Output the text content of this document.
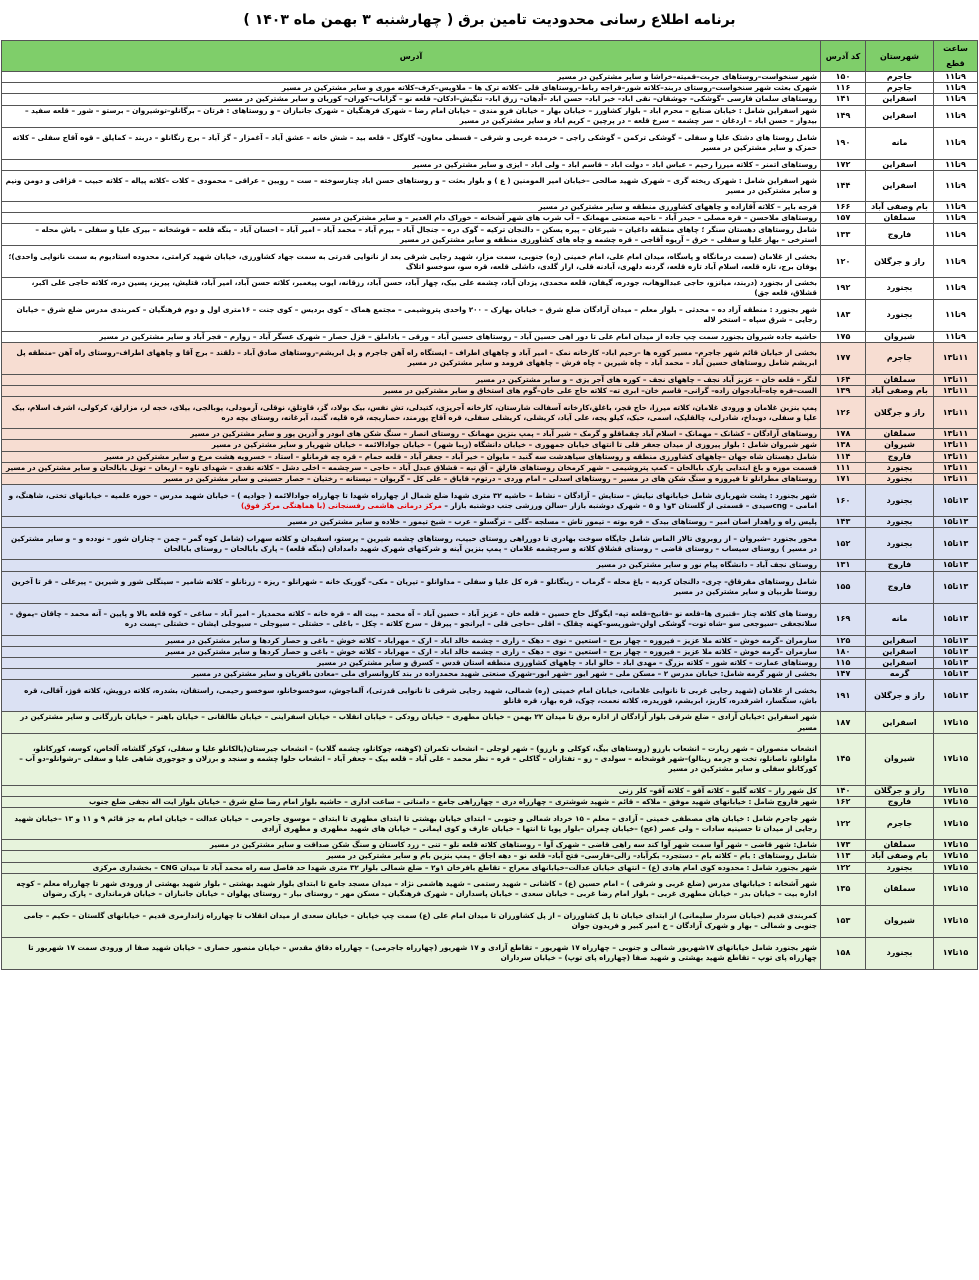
برنامه اطلاع رسانی محدودیت تامین برق ( چهارشنبه ۳ بهمن ماه ۱۴۰۳ )
ساعت قطع	شهرستان	کد آدرس	آدرس
۹تا۱۱	جاجرم	۱۵۰	شهر سنخواست–روستاهای جربت–قمیته–خراشا و سایر مشترکین در مسیر
۹تا۱۱	جاجرم	۱۱۶	شهرک بعثت شهر سنخواست–روستای دربند–کلاته شور–قراجه رباط–روستاهای قلی –کلاته ترک ها – ملاویس–کرف–کلاته موری و سایر مشترکین در مسیر
۹تا۱۱	اسفراین	۱۴۱	روستاهای سلمان فارسی –گوشکی– جوشقان– نقی اباد– خیر اباد– حسن اباد –آدهان– زرق اباد– تنگیش–ادکان– قلعه نو – گزاباب–کوران– کوریان و سایر مشترکین در مسیر
۹تا۱۱	اسفراین	۱۴۹	شهر اسفراین شامل : خیابان صنایع – محرم اباد – بلوار کشاورز – خیابان بهار – خیابان فرو مندی – خیابان امام رضا – شهرک فرهنگیان – شهرک جانبازان – و روستاهای : فرتان – برگانلو–توشیروان – برستو – شور – قلعه سفید – بیدواز – حسن اباد – اردغان – سر چشمه – سرخ قلعه – در پرچین – کریم اباد و سایر مشترکین در مسیر
۹تا۱۱	مانه	۱۹۰	شامل روستا های دشتک علیا و سفلی – گوشکی ترکمن – گوشکی راجی – خرمده غربی و شرقی – قسطی معاون– گاوگل – قلعه بید – شش خانه – عشق آباد – آغمزار – گز آباد – برج زنگانلو – دربند – کمایلق – قوه آقاج سفلی – کلاته حمزک و سایر مشترکین در مسیر
۹تا۱۱	اسفراین	۱۷۲	روستاهای اتمنر – کلاته میرزا رحیم – عباس اباد – دولت اباد – قاسم اباد – ولی اباد – ایزی و سایر مشترکین در مسیر
۹تا۱۱	اسفراین	۱۴۴	شهر اسفراین شامل : شهرک ریخته گری – شهرک شهید صالحی –خیابان امیر المومنین ( ع ) و بلوار بعثت – و روستاهای حسن اباد چنارسوخته – ست – رویین – عراقی – محمودی – کلات –کلاته پیاله – کلاته حبیب – قزاقی و دومن ونیم و سایر مشترکین در مسیر
۹تا۱۱	بام وصفی آباد	۱۶۶	قرجه بایر – کلاته آقازاده و چاههای کشاورزی منطقه و سایر مشترکین در مسیر
۹تا۱۱	سملقان	۱۵۷	روستاهای ملاحسن – قره مصلی – حیدر آباد – ناحیه صنعتی مهمانک – آب شرب های شهر آشخانه – خوراک دام الغدیر – و سایر مشترکین در مسیر
۹تا۱۱	فاروج	۱۳۳	شامل روستاهای دهستان سنگر ؛ چاهای منطقه داغیان – شیرغان – پیره یسکن – دالنجان ترکیه – گوک دره – جنجال آباد – بیرم آباد – محمد آباد – امیر آباد – احسان آباد – بنگه قلعه – قوشخانه – بیرک علیا و سفلی – باش محله – استرخی – بهار علیا و سفلی – خرق – آریوه آقاجی – قره چشمه و چاه های کشاورزی منطقه و سایر مشترکین در مسیر
۹تا۱۱	راز و جرگلان	۱۲۰	بخشی از غلامان (سمت درمانگاه و پاسگاه، میدان امام علی، امام خمینی (ره) جنوبی، سمت مزار، شهید رجایی شرقی بعد از نانوایی قدرتی به سمت جهاد کشاورزی، خیابان شهید کرامتی، محدوده استادیوم به سمت نانوایی واحدی)؛ یوفان برج، تازه قلعه، اسلام آباد تازه قلعه، گردنه دلهری، آبادنه قلی، اراز گلدی، داشلی قلعه، قره سو، سوخسو اتلاگ
۹تا۱۱	بجنورد	۱۹۲	بخشی از بجنورد (دربند، میانزو، حاجی عبدالوهاب، جودره، گیفان، قلعه محمدی، یزدان آباد، چشمه علی بیک، چهار آباد، حسن آباد، رزقانه، ایوب پیغمبر، کلاته حسن آباد، امیر آباد، قتلیش، پیریز، پسین دره، کلاته حاجی علی اکبر، قشلاق، قلعه جق)
۹تا۱۱	بجنورد	۱۸۳	شهر بجنورد : منطقه آزاد ده – محدثی – بلوار معلم – میدان آزادگان ضلع شرق – خیابان بهارک – ۲۰۰ واحدی پتروشیمی – مجتمع هماک – کوی بردیس – کوی جنت – ۱۶متری اول و دوم فرهنگیان – کمربندی مدرس ضلع شرق – خیابان رجایی – شرق سپاه – استخر لاله
۹تا۱۱	شیروان	۱۷۵	حاشیه جاده شیروان بجنورد سمت چپ جاده از میدان امام علی تا دور اهی حسین آباد – روستاهای حسین آباد – ورقی – باداملق – قزل حصار – شهرک عسگر آباد – زوارم – فجر آباد و سایر مشترکین در مسیر
۱۱تا۱۳	جاجرم	۱۷۷	بخشی از خیابان قائم شهر جاجرم– مسیر کوره ها –رحیم اباد– کارخانه نمک – امیر آباد و چاههای اطراف – ایستگاه راه آهن جاجرم و پل ابریشم–روستاهای صادق آباد – دلقند – برج آقا و چاههای اطراف–روستای راه آهن –منطقه پل ابریشم شامل روستاهای حسین آباد – محمد آباد – چاه شیرین – چاه فرش – چاههای فرومد و سایر مشترکین در مسیر
۱۱تا۱۳	سملقان	۱۶۴	لنگر – قلعه خان – عزیز آباد نجف – چاههای نجف – کوره های آجر یزی – و سایر مشترکین در مسیر
۱۱تا۱۳	بام وصفی آباد	۱۳۹	الست–قره چاه–آبادجوان زاده– گرانی– قاسم خان– ابری ته– کلاته حاج علی خان–گوم های استخاق و سایر مشترکین در مسیر
۱۱تا۱۳	راز و جرگلان	۱۲۶	پمپ بنزین غلامان و ورودی غلامان، کلاته میرزا، حاج قجر، باغلق،کارخانه آسفالت شارستان، کارخانه آجرپزی، کتیدلی، تش نفس، بیک بولاد، گز، قاوتلق، نوقلی، آرمودلی، یوبالجی، بیلای، خجه لر، مزارلق، کرکولی، اشرف اسلام، بیک علیا و سفلی، دوبداخ، شادرلی، چالقلیک، اسمی، حبک، کیلو یجه، علی آباد، کریشلی، کریشلی سفلی، قره آقاج پورمند، حصاریجه، قره قلیه، گنبد، آبرغانه، روستای بچه دره
۱۱تا۱۳	سملقان	۱۷۸	روستاهای آزادگان – کشانک – مهمانک – اسلام آباد چقماقلو و گرمک – شیر آباد – پمپ بنزین مهمانک – روستای انصار – سنگ شکن های ابودر و آذرین پور و سایر مشترکین در مسیر
۱۱تا۱۳	شیروان	۱۳۸	شهر شیروان شامل : بلوار پیروزی از میدان جعفر قلی تا انتهای خیابان جمهوری – خیابان دانشگاه (زیبا شهر) – خیابان جوادالائمه – خیابان شهریار و سایر مشترکین در مسیر
۱۱تا۱۳	فاروج	۱۱۴	شامل دهستان شاه جهان –چاههای کشاورزی منطقه و روستاهای سیاهدشت سه گنبد – مایوان – خیر آباد – جعفر آباد – قلعه حمام – قره چه فرمانلو – استاد – خسرویه هشت مرخ و سایر مشترکین در مسیر
۱۱تا۱۳	بجنورد	۱۱۱	قسمت موزه و باغ ابتدایی پارک بابالحان – کمپ پتروشیمی – شهر کرمخان روستاهای قارلق – آق تپه – قشلاق عبدل آباد – حاجی – سرچشمه – اخلی دشل – کلاته نقدی – شهدای ناوه – ازبغان – تونل بابالحان و سایر مشترکین در مسیر
۱۱تا۱۳	بجنورد	۱۷۱	روستاهای مطرانلو تا فیروزه و سنگ شکن های در مسیر – روستاهای اسدلی – امام وردی – درتوم– قایاق – علی کل – گریوان – نیستانه – رختیان – حصار حسینی و سایر مشترکین در مسیر
۱۳تا۱۵	بجنورد	۱۶۰	شهر بجنورد : پشت شهربازی شامل خیابانهای نیایش – ستایش – آزادگان – نشاط – حاشیه ۳۲ متری شهدا ضلع شمال از چهارراه شهدا تا چهارراه جوادالائمه ( جوادیه ) – خیابان شهید مدرس – حوزه علمیه – خیابانهای تختی، شاهنگ، و امامی – cngسیدی – قسمتی از گلستان ۳و۱ و ۵ – شهرک دوشنبه بازار –سالن ورزشی جنب دوشنبه بازار – مرکز درمانی هاشمی رفسنجانی (با هماهنگی مرکز فوق)
۱۳تا۱۵	بجنورد	۱۴۳	پلیس راه و راهدار اصان امیر – روستاهای بیدک – قره بوته – تیمور تاش – مسلجه –گلی – ترگسلو – عرب – شیخ تیمور – خلاده و سایر مشترکین در مسیر
۱۳تا۱۵	بجنورد	۱۵۲	محور بجنورد –شیروان – از روبروی تالار الماس شامل جایگاه سوخت بهادری تا دورراهی روستای حبیب، روستاهای چشمه شیرین – پرستو، اسفیدان و کلاته سهراب (شامل کوه گمر – چمن – چناران شور – نودده و – و سایر مشترکین در مسیر ) روستای سیساب – روستای قاضی – روستای قشلاق کلاته و سرچشمه غلامان – پمپ بنزین آینه و شرکتهای شهرک شهید دامدادان (بنگه قلعه) – پارک بابالحان – روستای بابالحان
۱۳تا۱۵	فاروج	۱۳۱	روستای نجف آباد – دانشگاه پیام نور و سایر مشترکین در مسیر
۱۳تا۱۵	فاروج	۱۵۵	شامل روستاهای مقرقاق– چری– دالنجان کردیه – باغ محله – گرماب – زینگانلو – قره کل علیا و سفلی – مداوانلو – تیریان – مکی– گوریک خانه – شهرانلو – ریزه – زرنانلو – کلاته شامیر – سینگلی شور و شیرین – پیرعلی – قر تا آخرین روستا طربیان و سایر مشترکین در مسیر
۱۳تا۱۵	مانه	۱۶۹	روستا های کلاته چناز –قنبری ها–قلعه نو –قانیخ–قلعه تپه– ایگوگل حاج حسین – قلعه خان – عزیز آباد – حسین آباد – آه محمد – بیت اله – قره خانه – کلاته محمدیار – امیر آباد – ساغی – کوه قلعه بالا و پایین – آنه محمد – چاقان –یموق – سلانجعقی –سیوجعی سو –شاه توت– گوشکی اولن–شوریسو–کهنه چقلک – اقلی –حاجی قلی – ایرانجو – پیرقل – سرخ کلاته – چکل – باغلی – حشتلی – سیوجلی – سیوجلی ایشان – خشتلی –پست دره
۱۳تا۱۵	اسفراین	۱۲۵	سارمران –گرمه خوش – کلاته ملا عزیز – فیروزه – چهار برج – استعین – نوی – دهک – زاری – چشمه خالد اباد – ارک – مهراباد – کلاته خوش – باغی و حصار کردها و سایر مشترکین در مسیر
۱۳تا۱۵	اسفراین	۱۸۰	سارمران –گرمه خوش – کلاته ملا عزیز – فیروزه – چهار برج – استعین – نوی – دهک – زاری – چشمه خالد اباد – ارک – مهراباد – کلاته خوش – باغی و حصار کردها و سایر مشترکین در مسیر
۱۳تا۱۵	اسفراین	۱۱۵	روستاهای عمارت – کلاته شور – کلاته بزرگ – مهدی اباد – خالو اباد – چاههای کشاورزی منطقه استان قدس – کسرق و سایر مشترکین در مسیر
۱۳تا۱۵	گرمه	۱۴۷	بخشی از شهر گرمه شامل: خیابان مدرس ۲ – مسکن ملی – شهر ایور –شهر ابور–شهرک صنعتی شهید محمدزاده در بند کاروانسرای ملی –معادن باقریان و سایر مشترکین در مسیر
۱۳تا۱۵	راز و جرگلان	۱۹۱	بخشی از غلامان (شهید رجایی غربی تا نانوایی غلامانی، خیابان امام خمینی (ره) شمالی، شهید رجایی شرقی تا نانوایی قدرتی)، آلماجوش، سوخسوخانلو، سوخسو رحیمی، راستقان، بشدره، کلاته درویش، کلاته قوژ، آقالی، قره باش، سنگسار، اشرفدره، کاریز، ابریشم، قوریدره، کلاته نعمت، چوک، قره بهار، قره قانلو
۱۵تا۱۷	اسفراین	۱۸۷	شهر اسفراین :خیابان آزادی – ضلع شرقی بلوار آزادگان از اداره برق تا میدان ۲۲ بهمن – خیابان مطهری – خیابان رودکی – خیابان انقلاب – خیابان اسفراینی – خیابان طالقانی – خیابان باهنر – خیابان بازرگانی و سایر مشترکین در مسیر
۱۵تا۱۷	شیروان	۱۴۵	انشعاب منصوران – شهر زیارت – انشعاب بارزو (روستاهای بیگ، کوکلی و بارزو) – شهر لوجلی – انشعاب تکمران (کوهنه، چوکانلو، چشمه گلاب) – انشعاب جیرستان(پالکانلو علیا و سفلی، کوکر گلشاه، آلخاص، کوسه، کورکانلو، ملوانلو، ناصانلو، تخت و چرمه زینالو)–شهر قوشخانه – سولدی – زو – تفتازان – گاکلی – قره – نظر محمد – علی آباد – قلعه بیک – جعفر آباد – انشعاب حلوا چشمه و سنجد و برزلان و جوجوری شاهی علیا و سفلی –رشوانلو–دو آب –کورکانلو سفلی و سایر مشترکین در مسیر
۱۵تا۱۷	راز و جرگلان	۱۴۰	کل شهر راز – کلاته گلیو – کلاته آقو – کلاته آقو– کلر زنی
۱۵تا۱۷	فاروج	۱۶۲	شهر فاروج شامل : خیابانهای شهید موفق – ملاکه – قائم – شهید شوشتری – چهارراه دری – چهارراهی جامع – دامناتی – ساعت اداری – حاشیه بلوار امام رضا ضلع شرق – خیابان بلوار ایت اله نجفی ضلع جنوب
۱۵تا۱۷	جاجرم	۱۲۲	شهر جاجرم شامل : خیابان های مصطفی خمینی – آزادی – معلم – ۱۵ خرداد شمالی و جنوبی – ابتدای خیابان بهشتی تا ابتدای مطهری تا ابتدای – موسوی جاجرمی – خیابان عدالت – خیابان امام به جز قائم ۹ و ۱۱ و ۱۳ –خیابان شهید رجایی از میدان تا حسینیه سادات – ولی عصر (عج) –خیابان چمران –بلوار پویا تا انتها – خیابان عارف و کوی ایمانی – خیابان های شهید مطهری و مطهری آزادی
۱۵تا۱۷	سملقان	۱۷۳	شامل: شهر قاضی – شهر آوا سمت شهر آوا کند سه راهی قاضی – شهرک آوا – روستاهای کلاته قلعه نلو – تنی – زرد کاستان و سنگ شکن صداقت و سایر مشترکین در مسیر
۱۵تا۱۷	بام وصفی آباد	۱۱۳	شامل روستاهای : بام – کلاته بام – دستجرد– بکرآباد– زالی–فارسی– فتح آباد– قلعه نو – دهه اجاق – پمپ بنزین بام و سایر مشترکین در مسیر
۱۵تا۱۷	بجنورد	۱۲۲	شهر بجنورد شامل : محدوده کوی امام هادی (ع) – انتهای خیابان عدالت–خیابانهای معراج – تقاطع بافرخان ۱و۲ – ضلع شمالی بلوار ۳۲ متری شهدا حد فاصل سه راه محمد آباد تا میدان CNG – بخشداری مرکزی
۱۵تا۱۷	سملقان	۱۳۵	شهر آشخانه : خیابانهای مدرس (ضلع غربی و شرقی ) – امام حسین (ع) – کاشانی – شهید رستمی – شهید هاشمی نژاد – میدان مسجد جامع تا ابتدای بلوار شهید بهشتی – بلوار شهید بهشتی از ورودی شهر تا چهارراه معلم – کوچه اداره بیت – خیابان بدر – خیابان مطهری غربی – بلوار امام رضا غربی – خیابان سعدی – خیابان پاسداران – شهرک فرهنگیان – مسکن مهر – روستای بیار – روستای پهلوان – خیابان جانبازان – خیابان فرمانداری – پارک رضوان
۱۵تا۱۷	شیروان	۱۵۳	کمربندی قدیم (خیابان سردار سلیمانی) از ابتدای خیابان تا پل کشاورزان – از پل کشاورزان تا میدان امام علی (ع) سمت چپ خیابان – خیابان سعدی از میدان انقلاب تا چهارراه ژاندارمری قدیم – خیابانهای گلستان – حکیم – جامی جنوبی و شمالی – بهار و شهرک آزادگان – خ امیر کبیر و فریدون جوان
۱۵تا۱۷	بجنورد	۱۵۸	شهر بجنورد شامل خیابانهای ۱۷شهریور شمالی و جنوبی – چهارراه ۱۷ شهریور – تقاطع آزادی و ۱۷ شهریور (چهارراه جاجرمی) – چهارراه دقاق مقدس – خیابان منصور حصاری – خیابان شهید صفا از ورودی سمت ۱۷ شهریور تا چهارراه پای توپ – تقاطع شهید بهشتی و شهید صفا (چهارراه پای توپ) – خیابان سرداران
